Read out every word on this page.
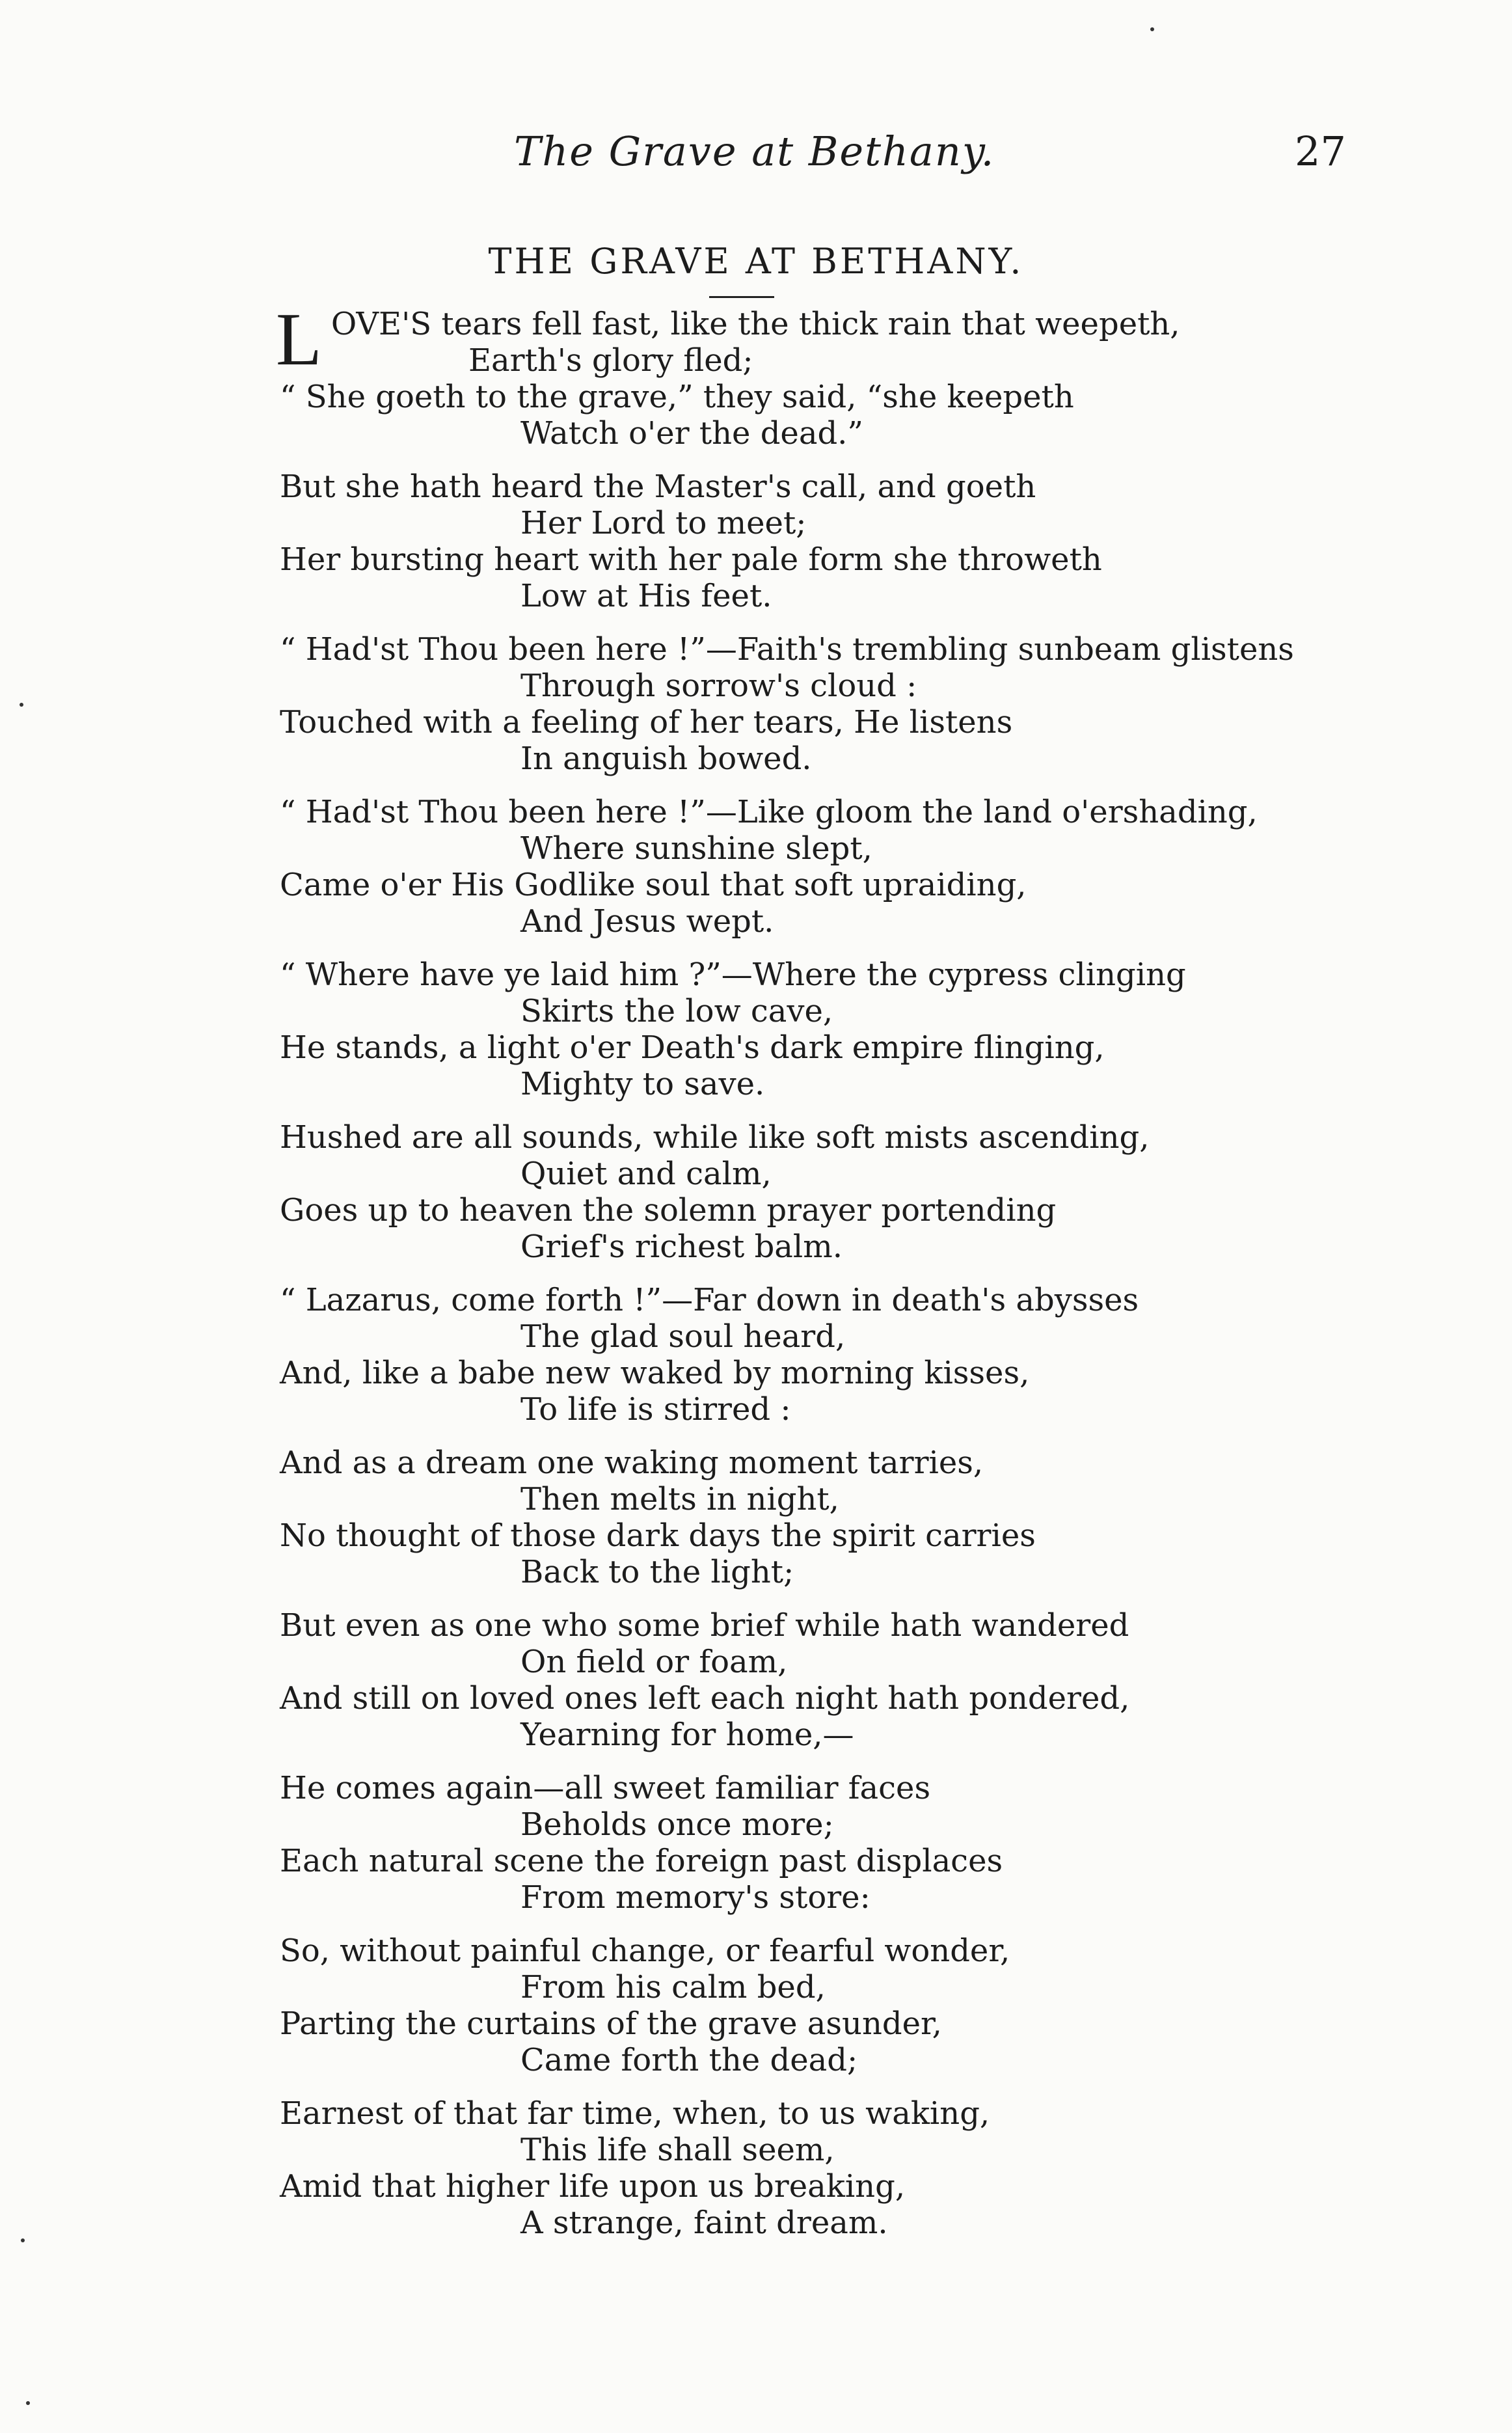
The Grave at Bethany.	27
THE GRAVE AT BETHANY.
L OVE'S tears fell fast, like the thick rain that weepeth,
Earth's glory fled;
“ She goeth to the grave,” they said, “she keepeth
Watch o'er the dead.”
But she hath heard the Master's call, and goeth
Her Lord to meet;
Her bursting heart with her pale form she throweth
Low at His feet.
“ Had'st Thou been here !”—Faith's trembling sunbeam glistens
Through sorrow's cloud :
Touched with a feeling of her tears, He listens
In anguish bowed.
“ Had'st Thou been here !”—Like gloom the land o'ershading,
Where sunshine slept,
Came o'er His Godlike soul that soft upraiding,
And Jesus wept.
“ Where have ye laid him ?”—Where the cypress clinging
Skirts the low cave,
He stands, a light o'er Death's dark empire flinging,
Mighty to save.
Hushed are all sounds, while like soft mists ascending,
Quiet and calm,
Goes up to heaven the solemn prayer portending
Grief's richest balm.
“ Lazarus, come forth !”—Far down in death's abysses
The glad soul heard,
And, like a babe new waked by morning kisses,
To life is stirred :
And as a dream one waking moment tarries,
Then melts in night,
No thought of those dark days the spirit carries
Back to the light;
But even as one who some brief while hath wandered
On field or foam,
And still on loved ones left each night hath pondered,
Yearning for home,—
He comes again—all sweet familiar faces
Beholds once more;
Each natural scene the foreign past displaces
From memory's store:
So, without painful change, or fearful wonder,
From his calm bed,
Parting the curtains of the grave asunder,
Came forth the dead;
Earnest of that far time, when, to us waking,
This life shall seem,
Amid that higher life upon us breaking,
A strange, faint dream.
